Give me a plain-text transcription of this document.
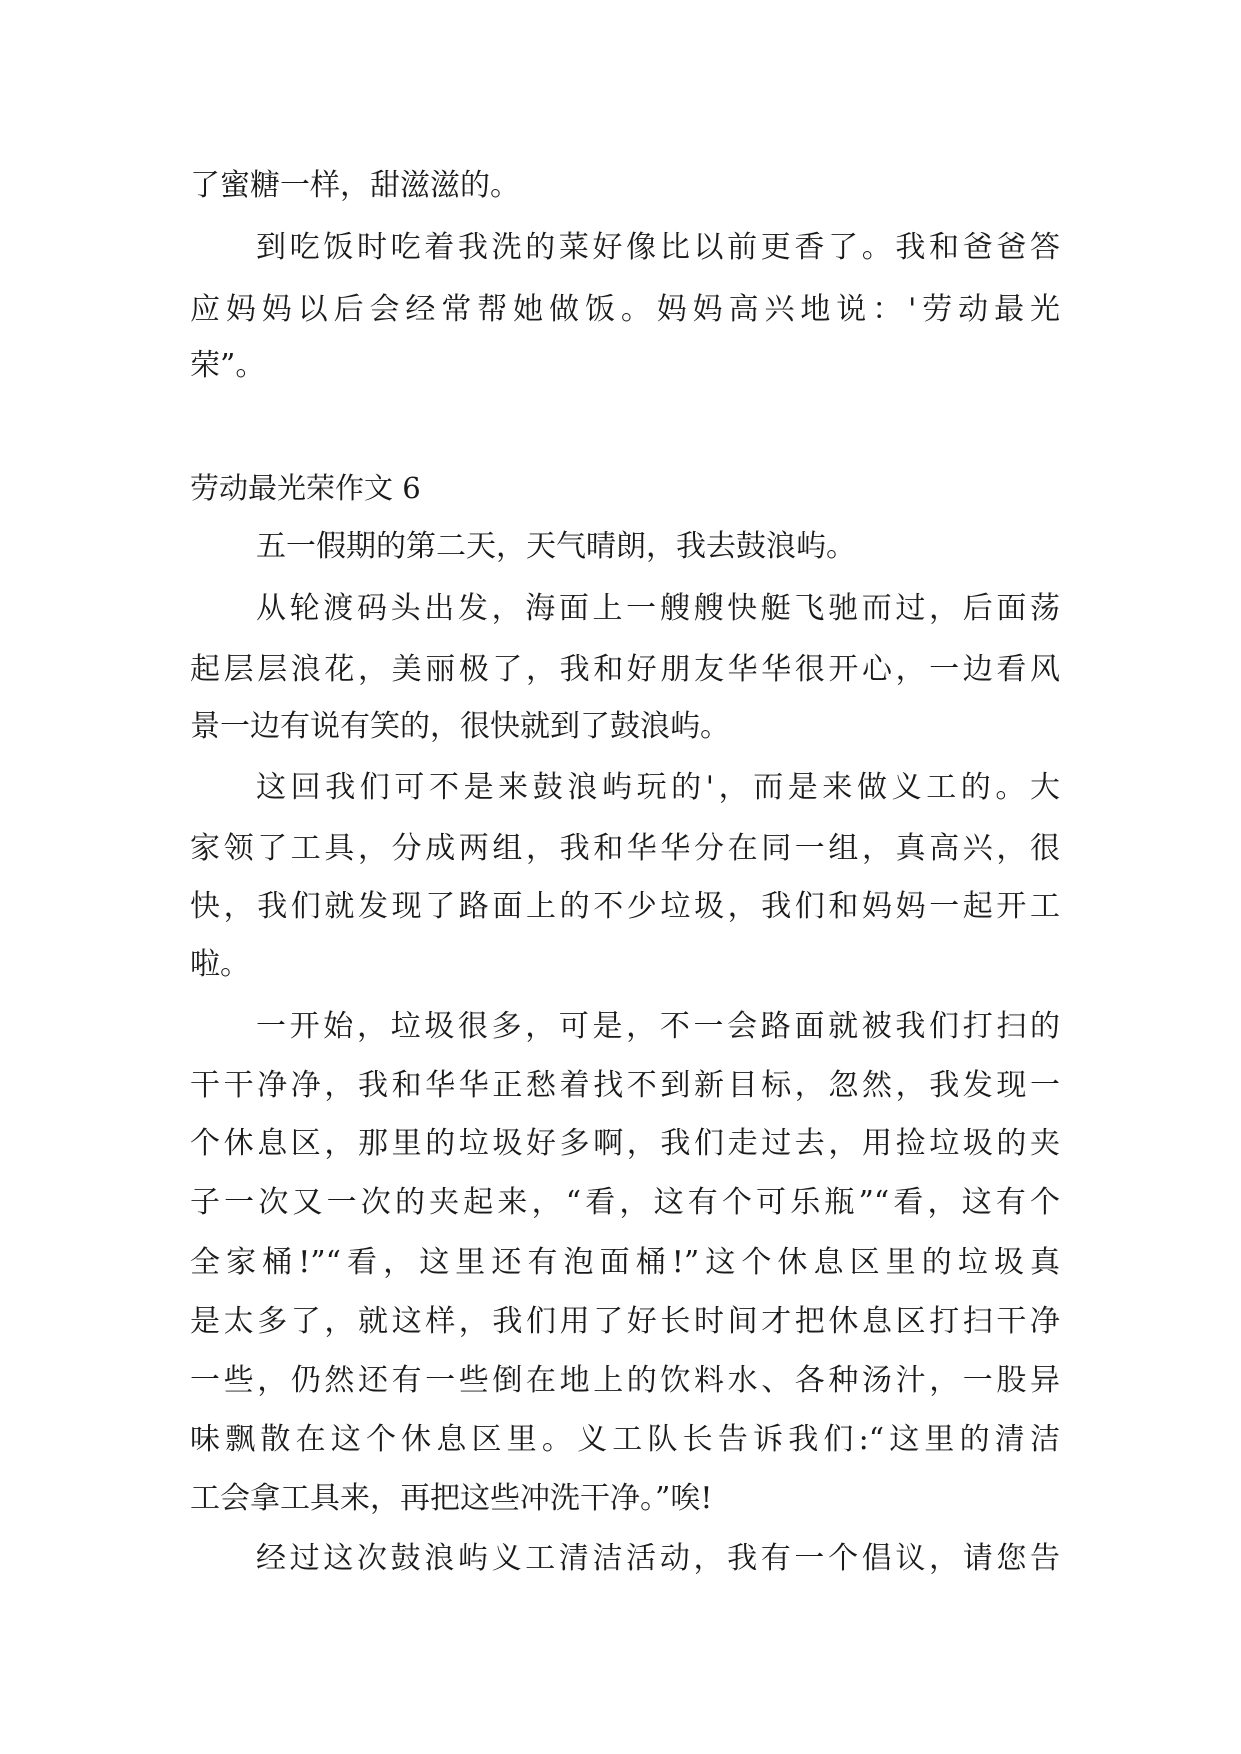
了蜜糖一样，甜滋滋的。
到吃饭时吃着我洗的菜好像比以前更香了。我和爸爸答
应妈妈以后会经常帮她做饭。妈妈高兴地说：'劳动最光
荣”。
劳动最光荣作文 6
五一假期的第二天，天气晴朗，我去鼓浪屿。
从轮渡码头出发，海面上一艘艘快艇飞驰而过，后面荡
起层层浪花，美丽极了，我和好朋友华华很开心，一边看风
景一边有说有笑的，很快就到了鼓浪屿。
这回我们可不是来鼓浪屿玩的'，而是来做义工的。大
家领了工具，分成两组，我和华华分在同一组，真高兴，很
快，我们就发现了路面上的不少垃圾，我们和妈妈一起开工
啦。
一开始，垃圾很多，可是，不一会路面就被我们打扫的
干干净净，我和华华正愁着找不到新目标，忽然，我发现一
个休息区，那里的垃圾好多啊，我们走过去，用捡垃圾的夹
子一次又一次的夹起来，“看，这有个可乐瓶”“看，这有个
全家桶!”“看，这里还有泡面桶!”这个休息区里的垃圾真
是太多了，就这样，我们用了好长时间才把休息区打扫干净
一些，仍然还有一些倒在地上的饮料水、各种汤汁，一股异
味飘散在这个休息区里。义工队长告诉我们:“这里的清洁
工会拿工具来，再把这些冲洗干净。”唉!
经过这次鼓浪屿义工清洁活动，我有一个倡议，请您告
